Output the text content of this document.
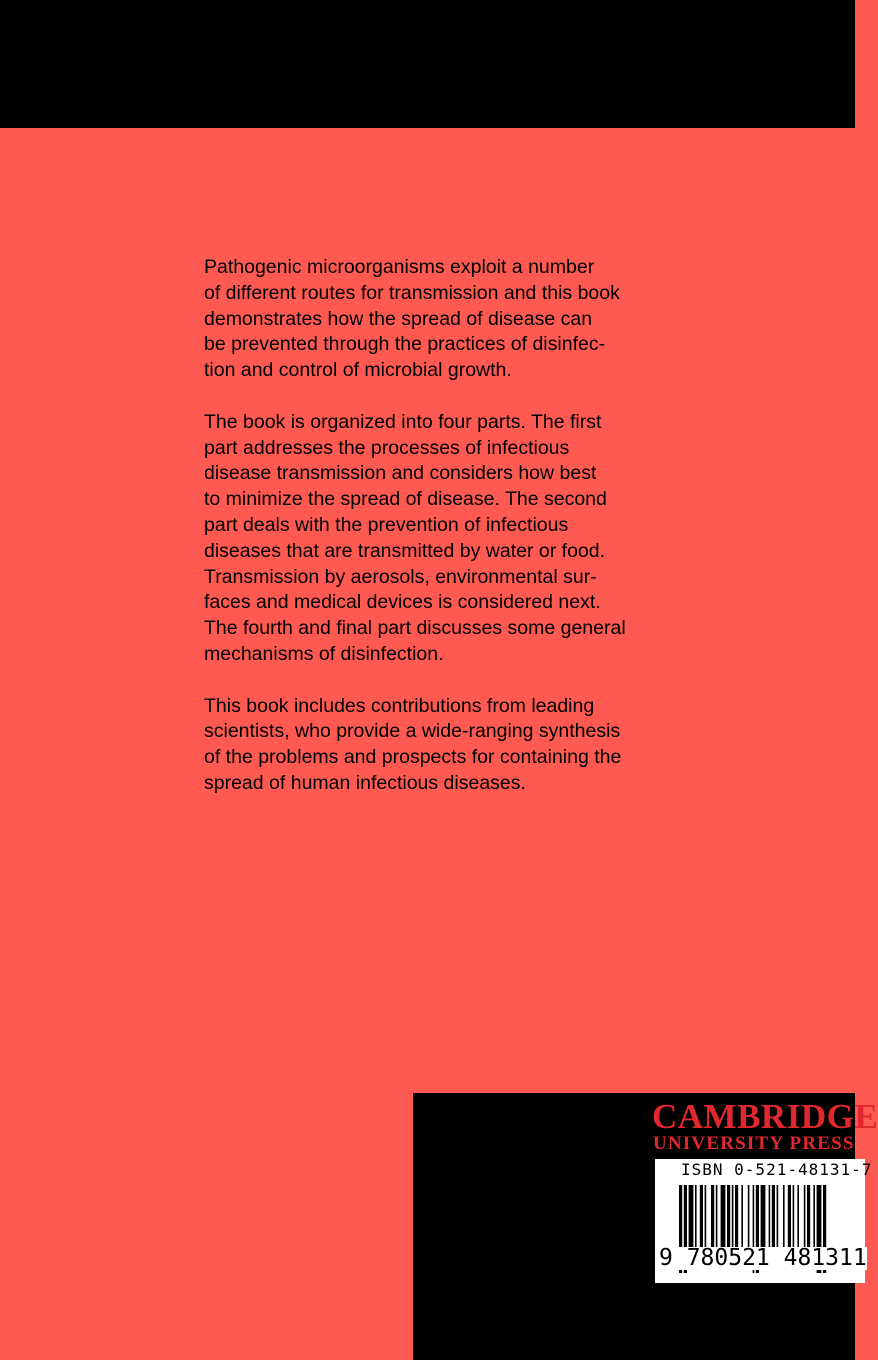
Pathogenic microorganisms exploit a number
of different routes for transmission and this book
demonstrates how the spread of disease can
be prevented through the practices of disinfec-
tion and control of microbial growth.

The book is organized into four parts. The first
part addresses the processes of infectious
disease transmission and considers how best
to minimize the spread of disease. The second
part deals with the prevention of infectious
diseases that are transmitted by water or food.
Transmission by aerosols, environmental sur-
faces and medical devices is considered next.
The fourth and final part discusses some general
mechanisms of disinfection.

This book includes contributions from leading
scientists, who provide a wide-ranging synthesis
of the problems and prospects for containing the
spread of human infectious diseases.

CAMBRIDGE
UNIVERSITY PRESS
ISBN 0-521-48131-7
9 780521 481311
